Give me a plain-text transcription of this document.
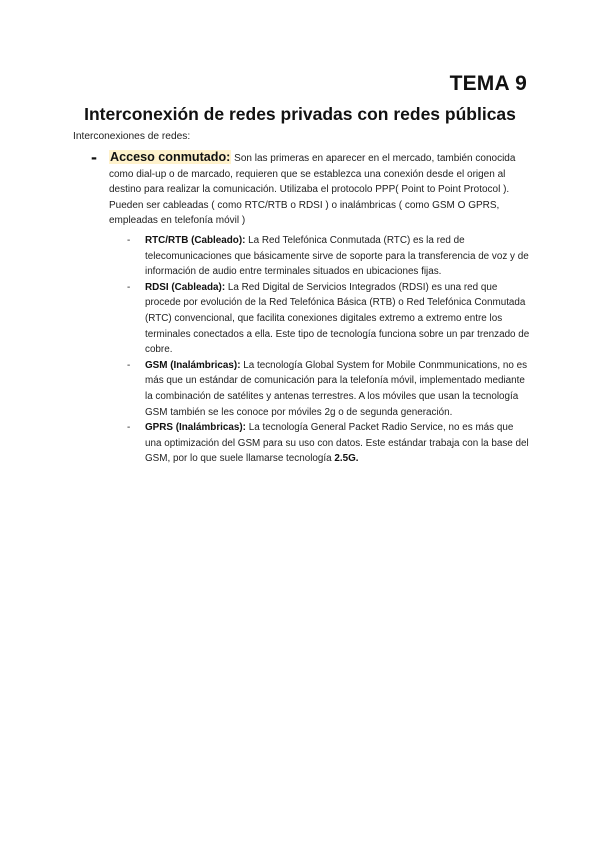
TEMA 9
Interconexión de redes privadas con redes públicas
Interconexiones de redes:
- Acceso conmutado: Son las primeras en aparecer en el mercado, también conocida como dial-up o de marcado, requieren que se establezca una conexión desde el origen al destino para realizar la comunicación. Utilizaba el protocolo PPP( Point to Point Protocol ). Pueden ser cableadas ( como RTC/RTB o RDSI ) o inalámbricas ( como GSM O GPRS, empleadas en telefonía móvil )
- RTC/RTB (Cableado): La Red Telefónica Conmutada (RTC) es la red de telecomunicaciones que básicamente sirve de soporte para la transferencia de voz y de información de audio entre terminales situados en ubicaciones fijas.
- RDSI (Cableada): La Red Digital de Servicios Integrados (RDSI) es una red que procede por evolución de la Red Telefónica Básica (RTB) o Red Telefónica Conmutada (RTC) convencional, que facilita conexiones digitales extremo a extremo entre los terminales conectados a ella. Este tipo de tecnología funciona sobre un par trenzado de cobre.
- GSM (Inalámbricas): La tecnología Global System for Mobile Conmmunications, no es más que un estándar de comunicación para la telefonía móvil, implementado mediante la combinación de satélites y antenas terrestres. A los móviles que usan la tecnología GSM también se les conoce por móviles 2g o de segunda generación.
- GPRS (Inalámbricas): La tecnología General Packet Radio Service, no es más que una optimización del GSM para su uso con datos. Este estándar trabaja con la base del GSM, por lo que suele llamarse tecnología 2.5G.
